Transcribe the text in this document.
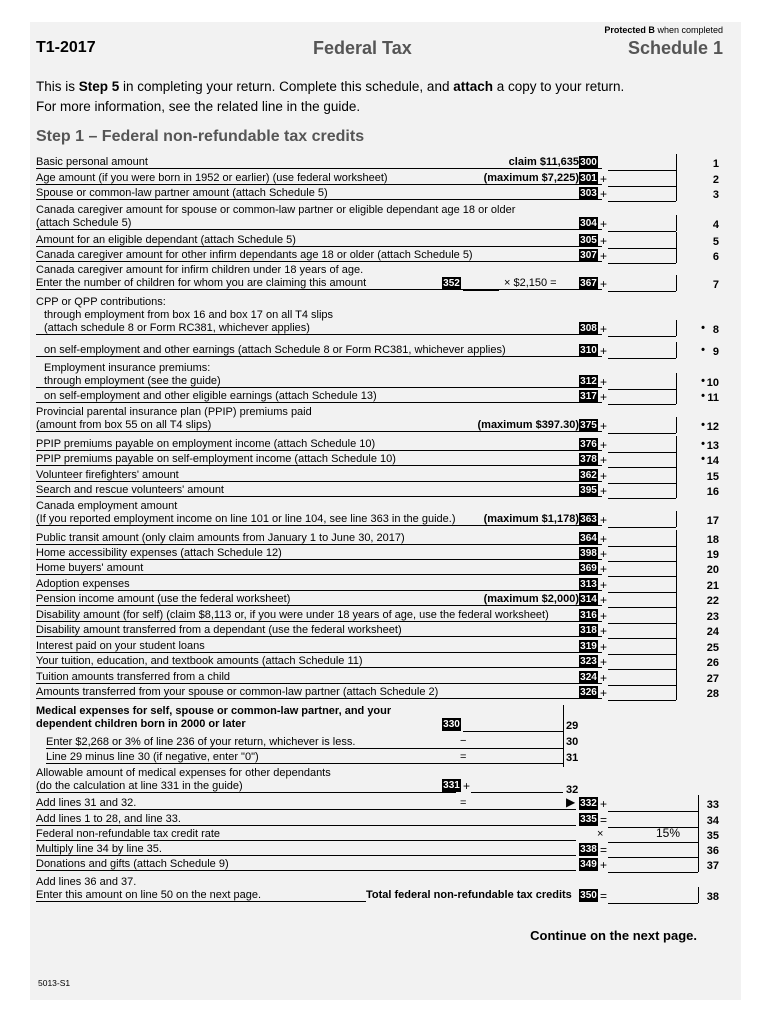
Protected B when completed
T1-2017	Federal Tax	Schedule 1
This is Step 5 in completing your return. Complete this schedule, and attach a copy to your return.
For more information, see the related line in the guide.
Step 1 – Federal non-refundable tax credits
Basic personal amount	claim $11,635 300	1
Age amount (if you were born in 1952 or earlier) (use federal worksheet)	(maximum $7,225) 301 +	2
Spouse or common-law partner amount (attach Schedule 5)	303 +	3
Canada caregiver amount for spouse or common-law partner or eligible dependant age 18 or older
(attach Schedule 5)	304 +	4
Amount for an eligible dependant (attach Schedule 5)	305 +	5
Canada caregiver amount for other infirm dependants age 18 or older (attach Schedule 5)	307 +	6
Canada caregiver amount for infirm children under 18 years of age.
Enter the number of children for whom you are claiming this amount	352	× $2,150 = 367 +	7
CPP or QPP contributions:
through employment from box 16 and box 17 on all T4 slips
(attach schedule 8 or Form RC381, whichever applies)	308 +	• 8
on self-employment and other earnings (attach Schedule 8 or Form RC381, whichever applies)	310 +	• 9
Employment insurance premiums:
through employment (see the guide)	312 +	• 10
on self-employment and other eligible earnings (attach Schedule 13)	317 +	• 11
Provincial parental insurance plan (PPIP) premiums paid
(amount from box 55 on all T4 slips)	(maximum $397.30) 375 +	• 12
PPIP premiums payable on employment income (attach Schedule 10)	376 +	• 13
PPIP premiums payable on self-employment income (attach Schedule 10)	378 +	• 14
Volunteer firefighters' amount	362 +	15
Search and rescue volunteers' amount	395 +	16
Canada employment amount
(If you reported employment income on line 101 or line 104, see line 363 in the guide.)	(maximum $1,178) 363 +	17
Public transit amount (only claim amounts from January 1 to June 30, 2017)	364 +	18
Home accessibility expenses (attach Schedule 12)	398 +	19
Home buyers' amount	369 +	20
Adoption expenses	313 +	21
Pension income amount (use the federal worksheet)	(maximum $2,000) 314 +	22
Disability amount (for self) (claim $8,113 or, if you were under 18 years of age, use the federal worksheet)	316 +	23
Disability amount transferred from a dependant (use the federal worksheet)	318 +	24
Interest paid on your student loans	319 +	25
Your tuition, education, and textbook amounts (attach Schedule 11)	323 +	26
Tuition amounts transferred from a child	324 +	27
Amounts transferred from your spouse or common-law partner (attach Schedule 2)	326 +	28
Medical expenses for self, spouse or common-law partner, and your
dependent children born in 2000 or later	330	29
Enter $2,268 or 3% of line 236 of your return, whichever is less.	−	30
Line 29 minus line 30 (if negative, enter "0")	=	31
Allowable amount of medical expenses for other dependants
(do the calculation at line 331 in the guide)	331 +	32
Add lines 31 and 32.	=	▶ 332 +	33
Add lines 1 to 28, and line 33.	335 =	34
Federal non-refundable tax credit rate	×	15% 35
Multiply line 34 by line 35.	338 =	36
Donations and gifts (attach Schedule 9)	349 +	37
Add lines 36 and 37.
Enter this amount on line 50 on the next page.	Total federal non-refundable tax credits 350 =	38
Continue on the next page.
5013-S1
